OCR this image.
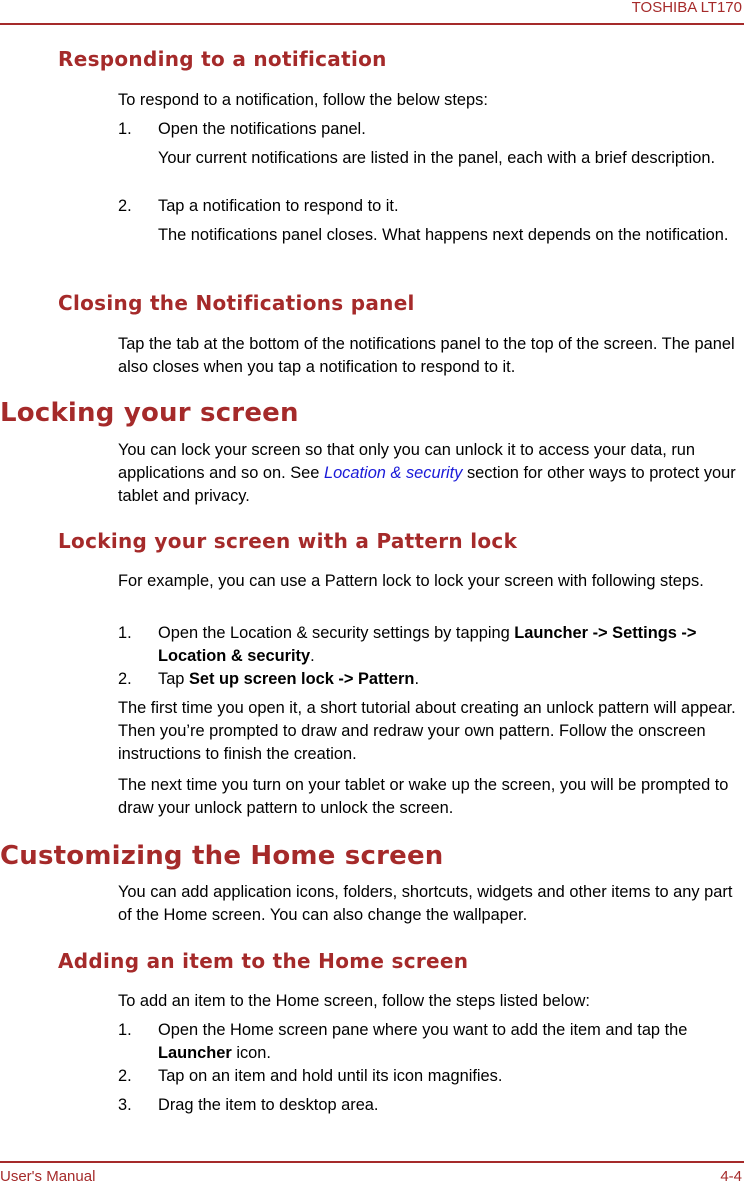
TOSHIBA LT170
Responding to a notification
To respond to a notification, follow the below steps:
1. Open the notifications panel.
Your current notifications are listed in the panel, each with a brief description.
2. Tap a notification to respond to it.
The notifications panel closes. What happens next depends on the notification.
Closing the Notifications panel
Tap the tab at the bottom of the notifications panel to the top of the screen. The panel also closes when you tap a notification to respond to it.
Locking your screen
You can lock your screen so that only you can unlock it to access your data, run applications and so on. See Location & security section for other ways to protect your tablet and privacy.
Locking your screen with a Pattern lock
For example, you can use a Pattern lock to lock your screen with following steps.
1. Open the Location & security settings by tapping Launcher -> Settings -> Location & security.
2. Tap Set up screen lock -> Pattern.
The first time you open it, a short tutorial about creating an unlock pattern will appear. Then you’re prompted to draw and redraw your own pattern. Follow the onscreen instructions to finish the creation.
The next time you turn on your tablet or wake up the screen, you will be prompted to draw your unlock pattern to unlock the screen.
Customizing the Home screen
You can add application icons, folders, shortcuts, widgets and other items to any part of the Home screen. You can also change the wallpaper.
Adding an item to the Home screen
To add an item to the Home screen, follow the steps listed below:
1. Open the Home screen pane where you want to add the item and tap the Launcher icon.
2. Tap on an item and hold until its icon magnifies.
3. Drag the item to desktop area.
User's Manual	4-4
